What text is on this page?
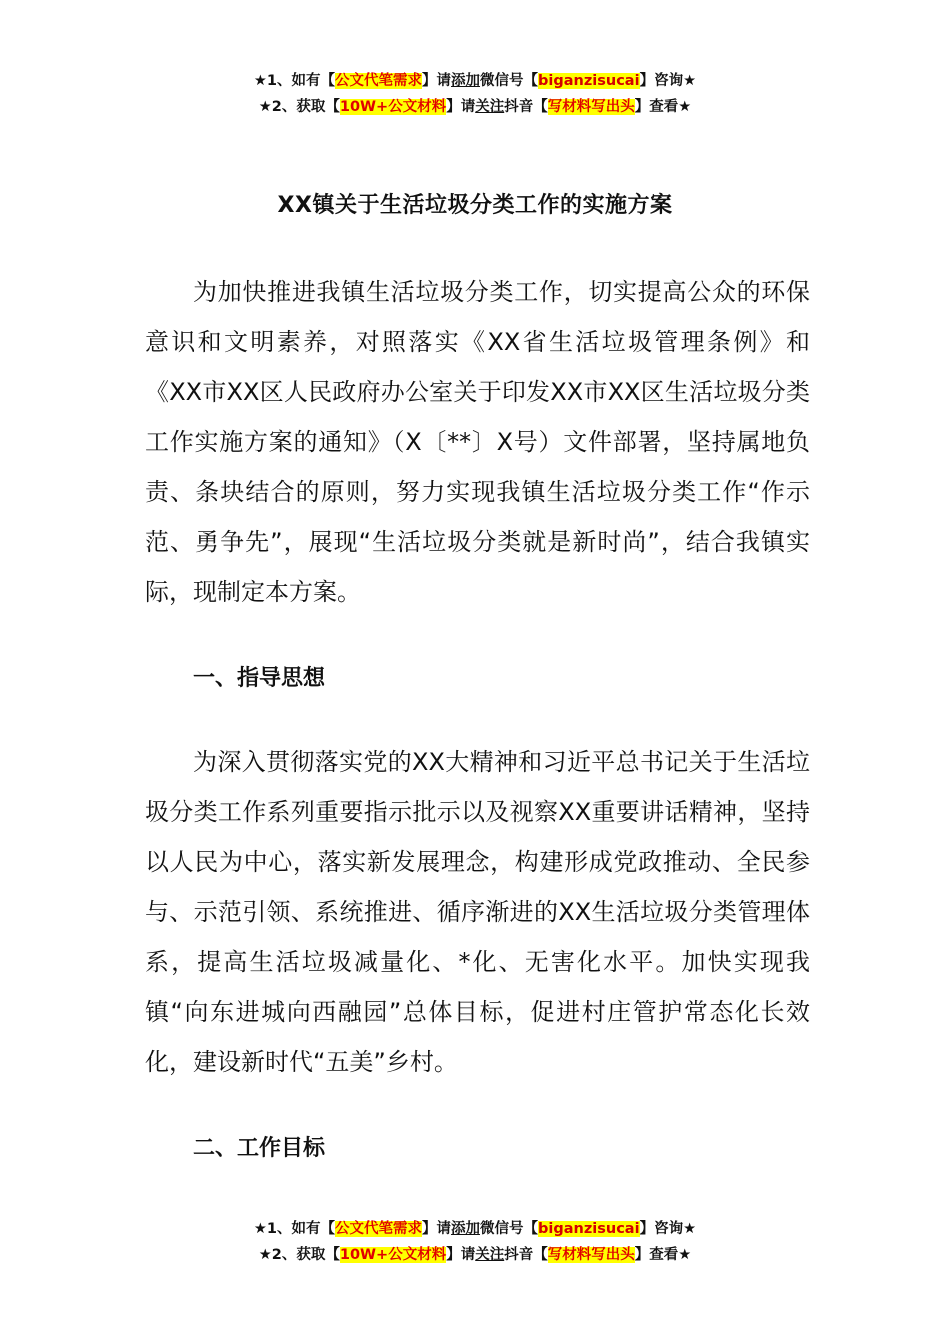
★1、如有【公文代笔需求】请添加微信号【biganzisucai】咨询★
★2、获取【10W+公文材料】请关注抖音【写材料写出头】查看★
XX镇关于生活垃圾分类工作的实施方案

为加快推进我镇生活垃圾分类工作，切实提高公众的环保意识和文明素养，对照落实《XX省生活垃圾管理条例》和《XX市XX区人民政府办公室关于印发XX市XX区生活垃圾分类工作实施方案的通知》（X〔**〕X号）文件部署，坚持属地负责、条块结合的原则，努力实现我镇生活垃圾分类工作“作示范、勇争先”，展现“生活垃圾分类就是新时尚”，结合我镇实际，现制定本方案。

一、指导思想

为深入贯彻落实党的XX大精神和习近平总书记关于生活垃圾分类工作系列重要指示批示以及视察XX重要讲话精神，坚持以人民为中心，落实新发展理念，构建形成党政推动、全民参与、示范引领、系统推进、循序渐进的XX生活垃圾分类管理体系，提高生活垃圾减量化、*化、无害化水平。加快实现我镇“向东进城向西融园”总体目标，促进村庄管护常态化长效化，建设新时代“五美”乡村。

二、工作目标
★1、如有【公文代笔需求】请添加微信号【biganzisucai】咨询★
★2、获取【10W+公文材料】请关注抖音【写材料写出头】查看★
